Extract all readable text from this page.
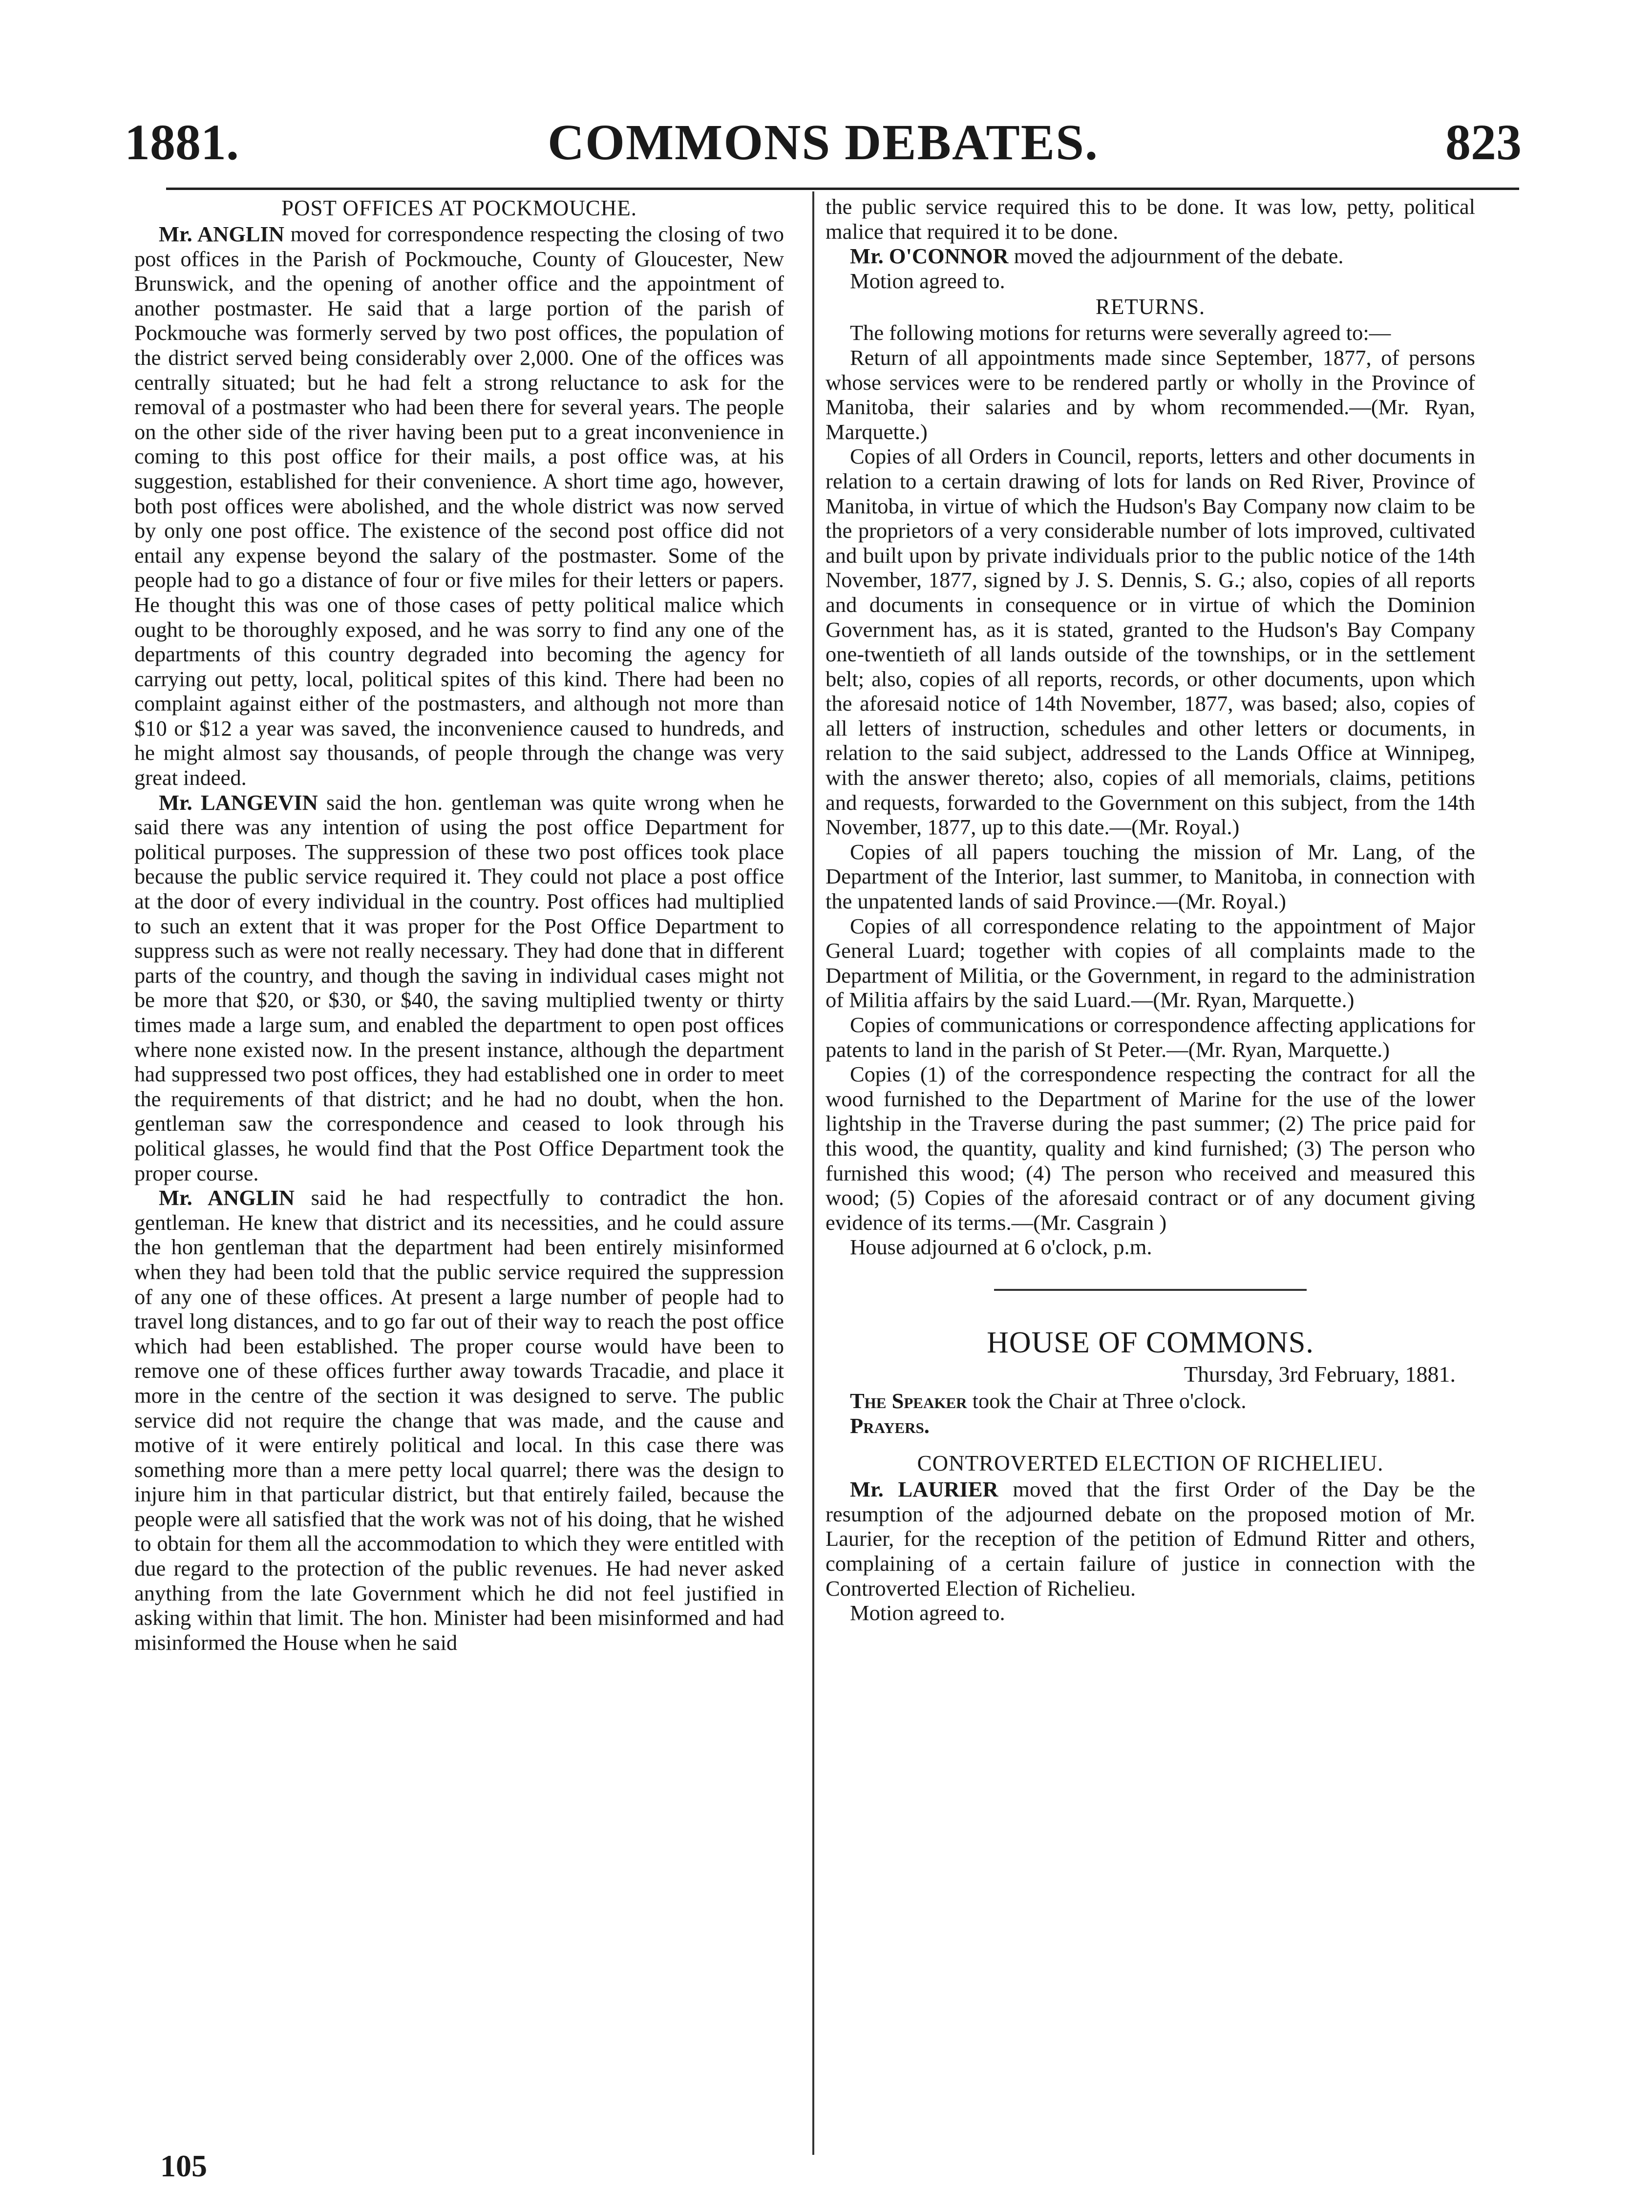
1881.	COMMONS DEBATES.	823
POST OFFICES AT POCKMOUCHE.

Mr. ANGLIN moved for correspondence respecting the closing of two post offices in the Parish of Pockmouche, County of Gloucester, New Brunswick, and the opening of another office and the appointment of another postmaster. He said that a large portion of the parish of Pockmouche was formerly served by two post offices, the population of the district served being considerably over 2,000. One of the offices was centrally situated; but he had felt a strong reluctance to ask for the removal of a postmaster who had been there for several years. The people on the other side of the river having been put to a great inconvenience in coming to this post office for their mails, a post office was, at his suggestion, established for their convenience. A short time ago, however, both post offices were abolished, and the whole district was now served by only one post office. The existence of the second post office did not entail any expense beyond the salary of the postmaster. Some of the people had to go a distance of four or five miles for their letters or papers. He thought this was one of those cases of petty political malice which ought to be thoroughly exposed, and he was sorry to find any one of the departments of this country degraded into becoming the agency for carrying out petty, local, political spites of this kind. There had been no complaint against either of the postmasters, and although not more than $10 or $12 a year was saved, the inconvenience caused to hundreds, and he might almost say thousands, of people through the change was very great indeed.

Mr. LANGEVIN said the hon. gentleman was quite wrong when he said there was any intention of using the post office Department for political purposes. The suppression of these two post offices took place because the public service required it. They could not place a post office at the door of every individual in the country. Post offices had multiplied to such an extent that it was proper for the Post Office Department to suppress such as were not really necessary. They had done that in different parts of the country, and though the saving in individual cases might not be more that $20, or $30, or $40, the saving multiplied twenty or thirty times made a large sum, and enabled the department to open post offices where none existed now. In the present instance, although the department had suppressed two post offices, they had established one in order to meet the requirements of that district; and he had no doubt, when the hon. gentleman saw the correspondence and ceased to look through his political glasses, he would find that the Post Office Department took the proper course.

Mr. ANGLIN said he had respectfully to contradict the hon. gentleman. He knew that district and its necessities, and he could assure the hon gentleman that the department had been entirely misinformed when they had been told that the public service required the suppression of any one of these offices. At present a large number of people had to travel long distances, and to go far out of their way to reach the post office which had been established. The proper course would have been to remove one of these offices further away towards Tracadie, and place it more in the centre of the section it was designed to serve. The public service did not require the change that was made, and the cause and motive of it were entirely political and local. In this case there was something more than a mere petty local quarrel; there was the design to injure him in that particular district, but that entirely failed, because the people were all satisfied that the work was not of his doing, that he wished to obtain for them all the accommodation to which they were entitled with due regard to the protection of the public revenues. He had never asked anything from the late Government which he did not feel justified in asking within that limit. The hon. Minister had been misinformed and had misinformed the House when he said

the public service required this to be done. It was low, petty, political malice that required it to be done.

Mr. O'CONNOR moved the adjournment of the debate.

Motion agreed to.

RETURNS.

The following motions for returns were severally agreed to:—

Return of all appointments made since September, 1877, of persons whose services were to be rendered partly or wholly in the Province of Manitoba, their salaries and by whom recommended.—(Mr. Ryan, Marquette.)

Copies of all Orders in Council, reports, letters and other documents in relation to a certain drawing of lots for lands on Red River, Province of Manitoba, in virtue of which the Hudson's Bay Company now claim to be the proprietors of a very considerable number of lots improved, cultivated and built upon by private individuals prior to the public notice of the 14th November, 1877, signed by J. S. Dennis, S. G.; also, copies of all reports and documents in consequence or in virtue of which the Dominion Government has, as it is stated, granted to the Hudson's Bay Company one-twentieth of all lands outside of the townships, or in the settlement belt; also, copies of all reports, records, or other documents, upon which the aforesaid notice of 14th November, 1877, was based; also, copies of all letters of instruction, schedules and other letters or documents, in relation to the said subject, addressed to the Lands Office at Winnipeg, with the answer thereto; also, copies of all memorials, claims, petitions and requests, forwarded to the Government on this subject, from the 14th November, 1877, up to this date.—(Mr. Royal.)

Copies of all papers touching the mission of Mr. Lang, of the Department of the Interior, last summer, to Manitoba, in connection with the unpatented lands of said Province.—(Mr. Royal.)

Copies of all correspondence relating to the appointment of Major General Luard; together with copies of all complaints made to the Department of Militia, or the Government, in regard to the administration of Militia affairs by the said Luard.—(Mr. Ryan, Marquette.)

Copies of communications or correspondence affecting applications for patents to land in the parish of St Peter.—(Mr. Ryan, Marquette.)

Copies (1) of the correspondence respecting the contract for all the wood furnished to the Department of Marine for the use of the lower lightship in the Traverse during the past summer; (2) The price paid for this wood, the quantity, quality and kind furnished; (3) The person who furnished this wood; (4) The person who received and measured this wood; (5) Copies of the aforesaid contract or of any document giving evidence of its terms.—(Mr. Casgrain )

House adjourned at 6 o'clock, p.m.

HOUSE OF COMMONS.
Thursday, 3rd February, 1881.

The Speaker took the Chair at Three o'clock.

Prayers.

CONTROVERTED ELECTION OF RICHELIEU.

Mr. LAURIER moved that the first Order of the Day be the resumption of the adjourned debate on the proposed motion of Mr. Laurier, for the reception of the petition of Edmund Ritter and others, complaining of a certain failure of justice in connection with the Controverted Election of Richelieu.

Motion agreed to.

105
